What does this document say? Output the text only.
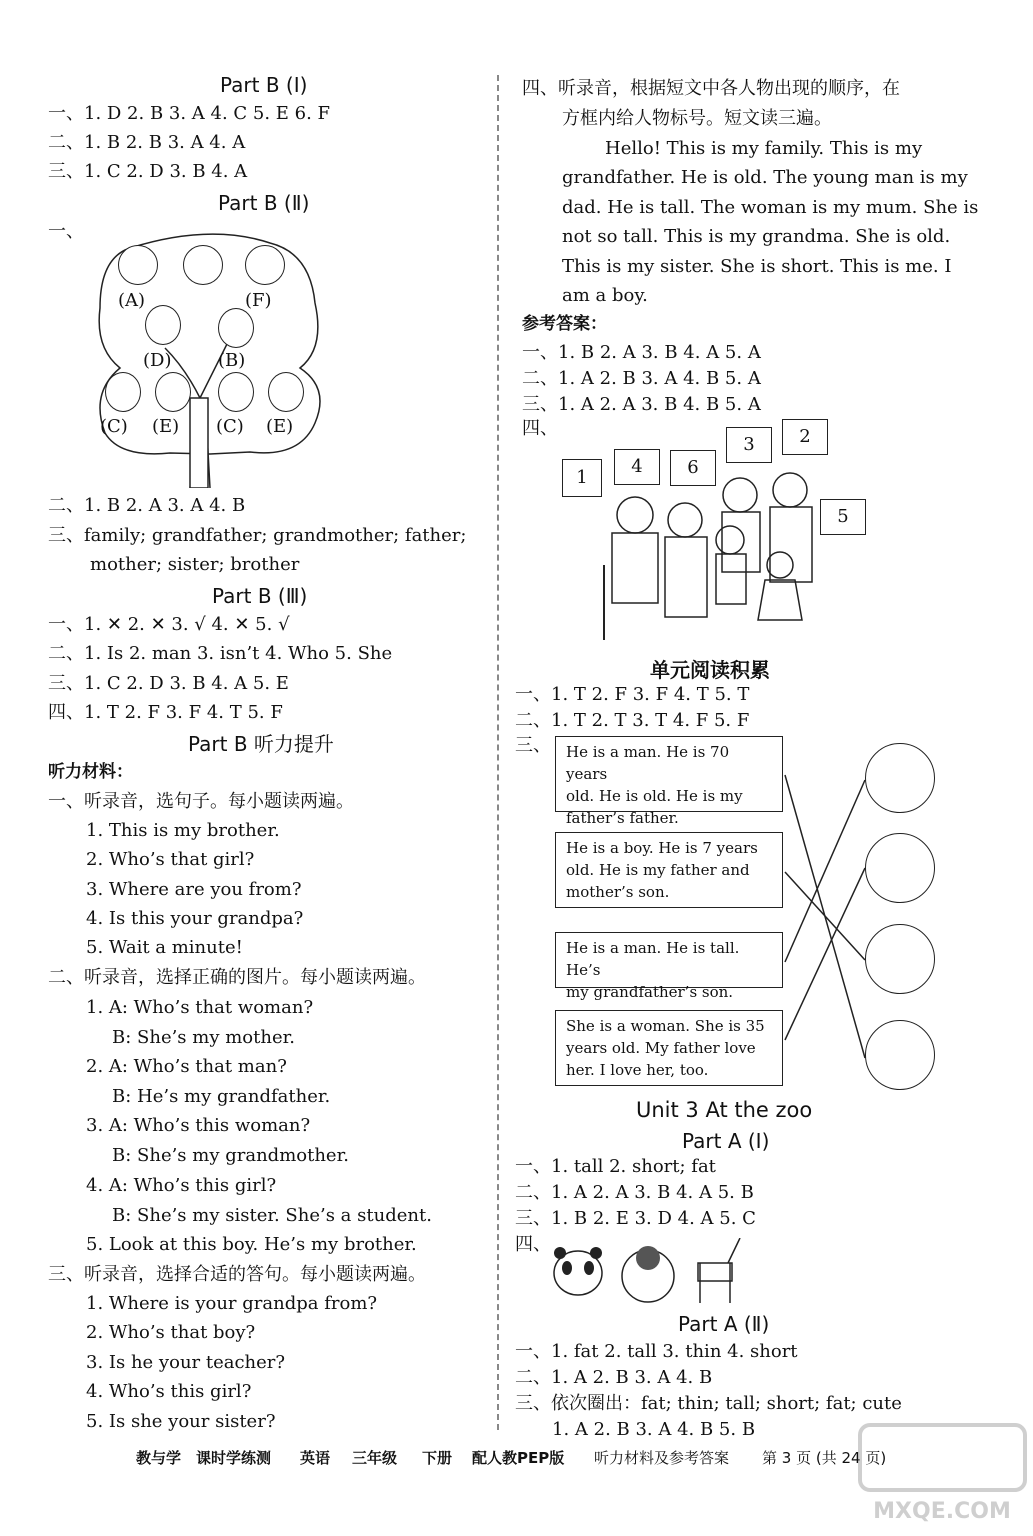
Part B (Ⅰ)
一、1. D 2. B 3. A 4. C 5. E 6. F
二、1. B 2. B 3. A 4. A
三、1. C 2. D 3. B 4. A
Part B (Ⅱ)
一、
(A)	(F)
(D)	(B)
(C) (E) (C) (E)
二、1. B 2. A 3. A 4. B
三、family; grandfather; grandmother; father;
mother; sister; brother
Part B (Ⅲ)
一、1. ✕ 2. ✕ 3. √ 4. ✕ 5. √
二、1. Is 2. man 3. isn’t 4. Who 5. She
三、1. C 2. D 3. B 4. A 5. E
四、1. T 2. F 3. F 4. T 5. F
Part B 听力提升
听力材料：
一、听录音，选句子。每小题读两遍。
1. This is my brother.
2. Who’s that girl?
3. Where are you from?
4. Is this your grandpa?
5. Wait a minute!
二、听录音，选择正确的图片。每小题读两遍。
1. A: Who’s that woman?
B: She’s my mother.
2. A: Who’s that man?
B: He’s my grandfather.
3. A: Who’s this woman?
B: She’s my grandmother.
4. A: Who’s this girl?
B: She’s my sister. She’s a student.
5. Look at this boy. He’s my brother.
三、听录音，选择合适的答句。每小题读两遍。
1. Where is your grandpa from?
2. Who’s that boy?
3. Is he your teacher?
4. Who’s this girl?
5. Is she your sister?
四、听录音，根据短文中各人物出现的顺序，在
方框内给人物标号。短文读三遍。
Hello! This is my family. This is my
grandfather. He is old. The young man is my
dad. He is tall. The woman is my mum. She is
not so tall. This is my grandma. She is old.
This is my sister. She is short. This is me. I
am a boy.
参考答案：
一、1. B 2. A 3. B 4. A 5. A
二、1. A 2. B 3. A 4. B 5. A
三、1. A 2. A 3. B 4. B 5. A
四、
1
4	6
3	2
5
单元阅读积累
一、1. T 2. F 3. F 4. T 5. T
二、1. T 2. T 3. T 4. F 5. F
三、 He is a man. He is 70 years
old. He is old. He is my
father’s father.
He is a boy. He is 7 years
old. He is my father and
mother’s son.
He is a man. He is tall. He’s
my grandfather’s son.
She is a woman. She is 35
years old. My father love
her. I love her, too.
Unit 3 At the zoo
Part A (Ⅰ)
一、1. tall 2. short; fat
二、1. A 2. A 3. B 4. A 5. B
三、1. B 2. E 3. D 4. A 5. C
四、
Part A (Ⅱ)
一、1. fat 2. tall 3. thin 4. short
二、1. A 2. B 3. A 4. B
三、依次圈出：fat; thin; tall; short; fat; cute
1. A 2. B 3. A 4. B 5. B
教与学 课时学练测 英语 三年级 下册 配人教PEP版 听力材料及参考答案 第 3 页 (共 24 页)
MXQE.COM
